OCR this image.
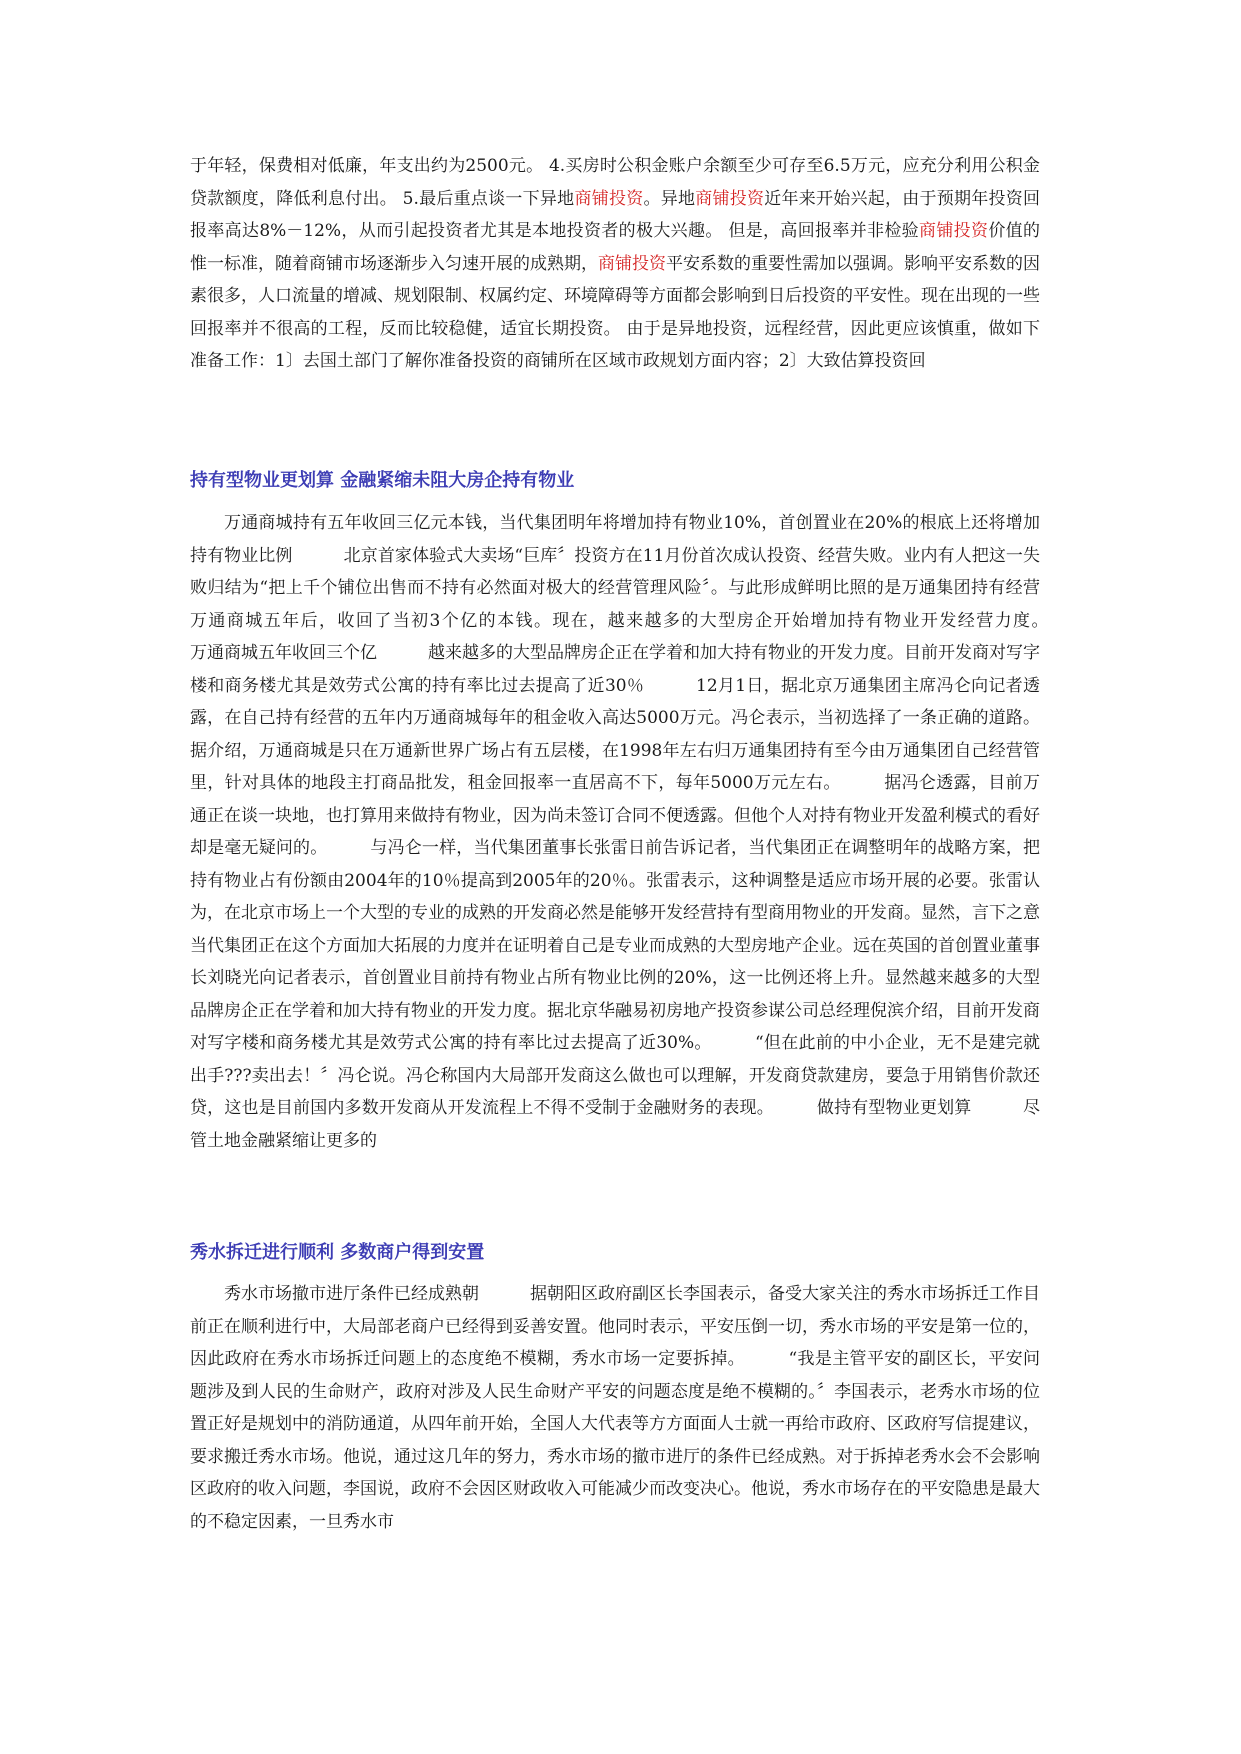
于年轻，保费相对低廉，年支出约为2500元。 4.买房时公积金账户余额至少可存至6.5万元，应充分利用公积金贷款额度，降低利息付出。 5.最后重点谈一下异地商铺投资。异地商铺投资近年来开始兴起，由于预期年投资回报率高达8%－12%，从而引起投资者尤其是本地投资者的极大兴趣。 但是，高回报率并非检验商铺投资价值的惟一标准，随着商铺市场逐渐步入匀速开展的成熟期，商铺投资平安系数的重要性需加以强调。影响平安系数的因素很多，人口流量的增减、规划限制、权属约定、环境障碍等方面都会影响到日后投资的平安性。现在出现的一些回报率并不很高的工程，反而比较稳健，适宜长期投资。 由于是异地投资，远程经营，因此更应该慎重，做如下准备工作：1〕去国土部门了解你准备投资的商铺所在区域市政规划方面内容；2〕大致估算投资回

持有型物业更划算 金融紧缩未阻大房企持有物业

万通商城持有五年收回三亿元本钱，当代集团明年将增加持有物业10%，首创置业在20%的根底上还将增加持有物业比例　　　北京首家体验式大卖场“巨库〞投资方在11月份首次成认投资、经营失败。业内有人把这一失败归结为“把上千个铺位出售而不持有必然面对极大的经营管理风险〞。与此形成鲜明比照的是万通集团持有经营万通商城五年后，收回了当初3个亿的本钱。现在，越来越多的大型房企开始增加持有物业开发经营力度。　　　万通商城五年收回三个亿　　　越来越多的大型品牌房企正在学着和加大持有物业的开发力度。目前开发商对写字楼和商务楼尤其是效劳式公寓的持有率比过去提高了近30％　　　12月1日，据北京万通集团主席冯仑向记者透露，在自己持有经营的五年内万通商城每年的租金收入高达5000万元。冯仑表示，当初选择了一条正确的道路。据介绍，万通商城是只在万通新世界广场占有五层楼，在1998年左右归万通集团持有至今由万通集团自己经营管里，针对具体的地段主打商品批发，租金回报率一直居高不下，每年5000万元左右。　　　据冯仑透露，目前万通正在谈一块地，也打算用来做持有物业，因为尚未签订合同不便透露。但他个人对持有物业开发盈利模式的看好却是毫无疑问的。　　　与冯仑一样，当代集团董事长张雷日前告诉记者，当代集团正在调整明年的战略方案，把持有物业占有份额由2004年的10％提高到2005年的20％。张雷表示，这种调整是适应市场开展的必要。张雷认为，在北京市场上一个大型的专业的成熟的开发商必然是能够开发经营持有型商用物业的开发商。显然，言下之意当代集团正在这个方面加大拓展的力度并在证明着自己是专业而成熟的大型房地产企业。远在英国的首创置业董事长刘晓光向记者表示，首创置业目前持有物业占所有物业比例的20%，这一比例还将上升。显然越来越多的大型品牌房企正在学着和加大持有物业的开发力度。据北京华融易初房地产投资参谋公司总经理倪滨介绍，目前开发商对写字楼和商务楼尤其是效劳式公寓的持有率比过去提高了近30%。　　　“但在此前的中小企业，无不是建完就出手???卖出去！〞冯仑说。冯仑称国内大局部开发商这么做也可以理解，开发商贷款建房，要急于用销售价款还贷，这也是目前国内多数开发商从开发流程上不得不受制于金融财务的表现。　　　做持有型物业更划算　　　尽管土地金融紧缩让更多的

秀水拆迁进行顺利 多数商户得到安置

秀水市场撤市进厅条件已经成熟朝　　　据朝阳区政府副区长李国表示，备受大家关注的秀水市场拆迁工作目前正在顺利进行中，大局部老商户已经得到妥善安置。他同时表示，平安压倒一切，秀水市场的平安是第一位的，因此政府在秀水市场拆迁问题上的态度绝不模糊，秀水市场一定要拆掉。　　　“我是主管平安的副区长，平安问题涉及到人民的生命财产，政府对涉及人民生命财产平安的问题态度是绝不模糊的。〞李国表示，老秀水市场的位置正好是规划中的消防通道，从四年前开始，全国人大代表等方方面面人士就一再给市政府、区政府写信提建议，要求搬迁秀水市场。他说，通过这几年的努力，秀水市场的撤市进厅的条件已经成熟。对于拆掉老秀水会不会影响区政府的收入问题，李国说，政府不会因区财政收入可能减少而改变决心。他说，秀水市场存在的平安隐患是最大的不稳定因素，一旦秀水市
